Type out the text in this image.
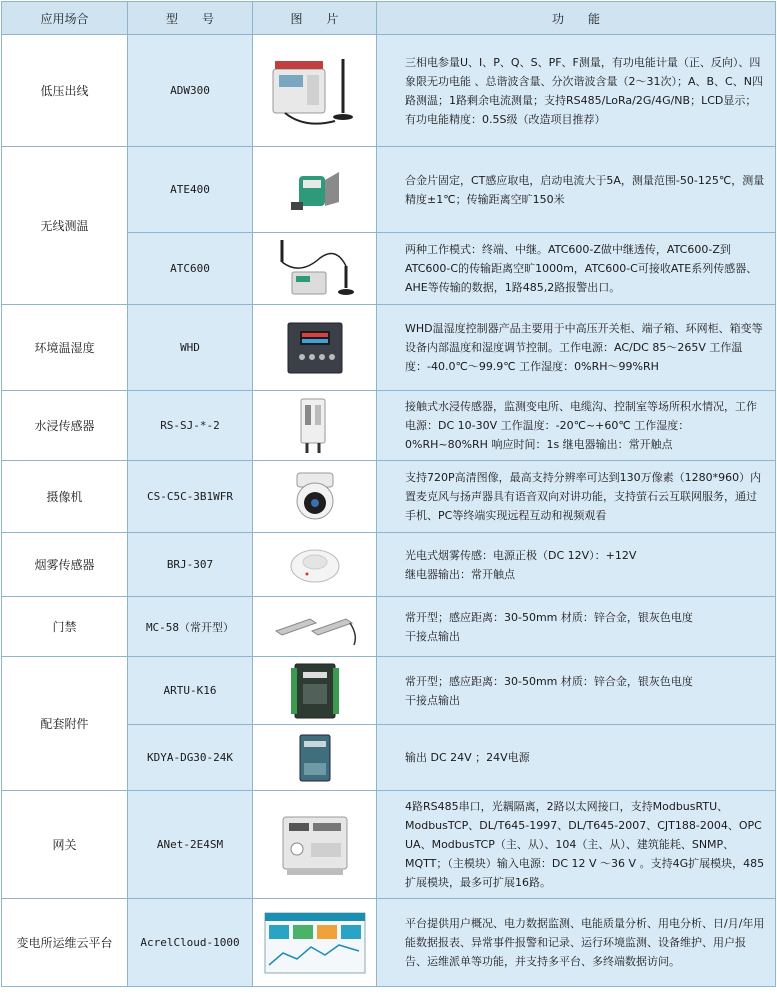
应用场合	型　　号	图　　片	功　　能
低压出线	ADW300		三相电参量U、I、P、Q、S、PF、F测量，有功电能计量（正、反向）、四象限无功电能 、总谐波含量、分次谐波含量（2～31次）；A、B、C、N四路测温；1路剩余电流测量；支持RS485/LoRa/2G/4G/NB；LCD显示；有功电能精度：0.5S级（改造项目推荐）
无线测温	ATE400		合金片固定，CT感应取电，启动电流大于5A，测量范围-50-125℃，测量精度±1℃；传输距离空旷150米
	ATC600		两种工作模式：终端、中继。ATC600-Z做中继透传，ATC600-Z到ATC600-C的传输距离空旷1000m，ATC600-C可接收ATE系列传感器、AHE等传输的数据，1路485,2路报警出口。
环境温湿度	WHD		WHD温湿度控制器产品主要用于中高压开关柜、端子箱、环网柜、箱变等设备内部温度和湿度调节控制。工作电源：AC/DC 85～265V 工作温度：-40.0℃～99.9℃ 工作湿度：0%RH～99%RH
水浸传感器	RS-SJ-*-2		接触式水浸传感器，监测变电所、电缆沟、控制室等场所积水情况，工作电源：DC 10-30V 工作温度：-20℃~+60℃ 工作湿度：0%RH~80%RH 响应时间：1s 继电器输出：常开触点
摄像机	CS-C5C-3B1WFR		支持720P高清图像，最高支持分辨率可达到130万像素（1280*960）内置麦克风与扬声器具有语音双向对讲功能，支持萤石云互联网服务，通过手机、PC等终端实现远程互动和视频观看
烟雾传感器	BRJ-307		光电式烟雾传感：电源正极（DC 12V）：+12V
继电器输出：常开触点
门禁	MC-58（常开型）		常开型；感应距离：30-50mm 材质：锌合金，银灰色电度
干接点输出
配套附件	ARTU-K16		常开型；感应距离：30-50mm 材质：锌合金，银灰色电度
干接点输出
	KDYA-DG30-24K		输出 DC 24V ；24V电源
网关	ANet-2E4SM		4路RS485串口，光耦隔离，2路以太网接口，支持ModbusRTU、ModbusTCP、DL/T645-1997、DL/T645-2007、CJT188-2004、OPC UA、ModbusTCP（主、从）、104（主、从）、建筑能耗、SNMP、MQTT；（主模块）输入电源：DC 12 V ～36 V 。支持4G扩展模块，485扩展模块，最多可扩展16路。
变电所运维云平台	AcrelCloud-1000		平台提供用户概况、电力数据监测、电能质量分析、用电分析、日/月/年用能数据报表、异常事件报警和记录、运行环境监测、设备维护、用户报告、运维派单等功能，并支持多平台、多终端数据访问。
